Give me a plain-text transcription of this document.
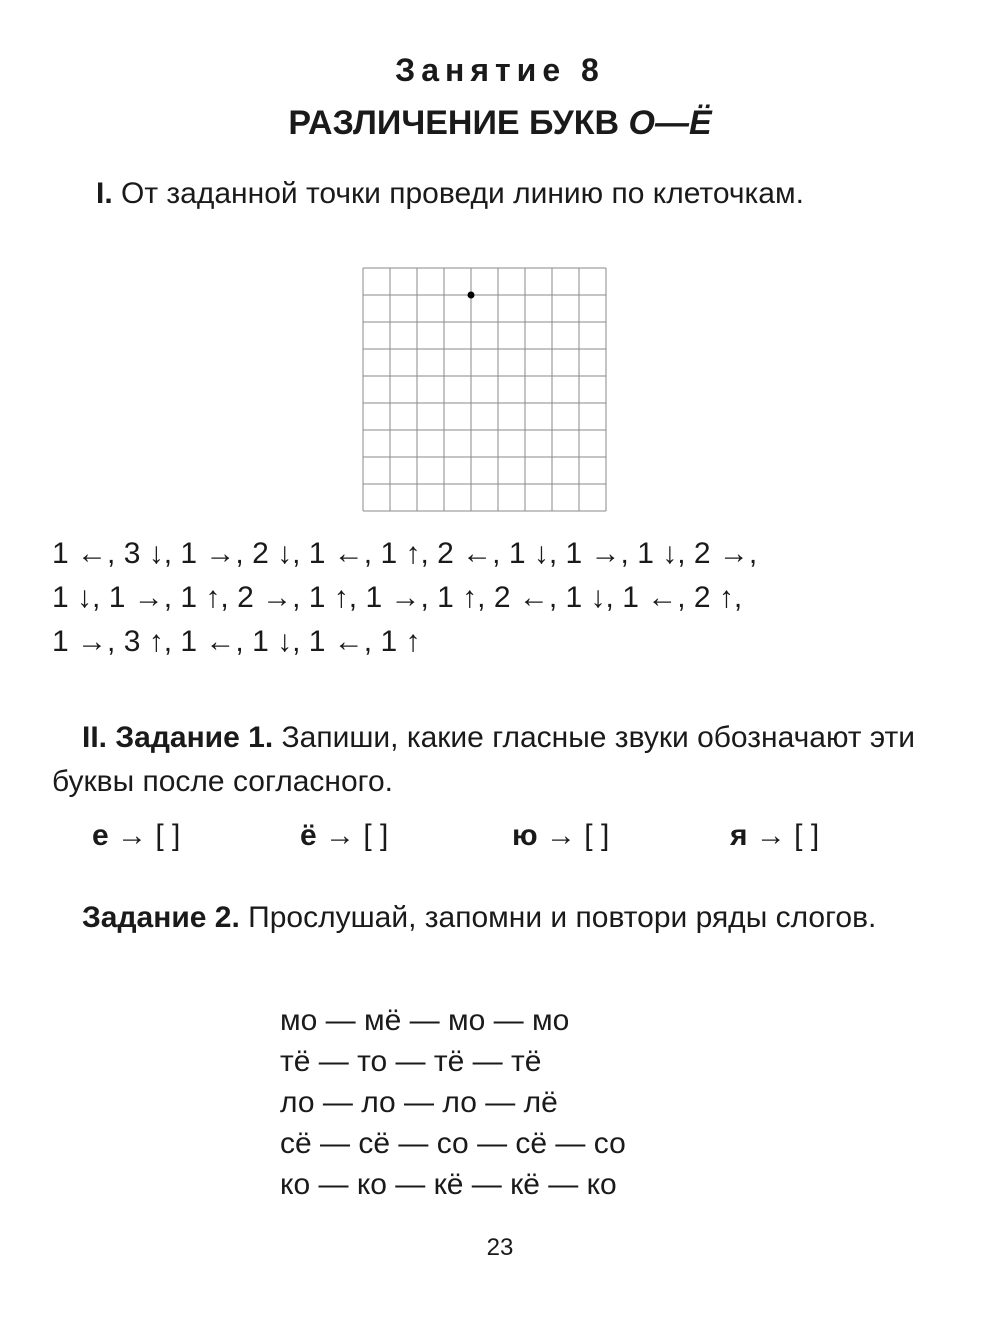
Занятие 8
РАЗЛИЧЕНИЕ БУКВ О—Ё
I. От заданной точки проведи линию по клеточкам.
1 ←, 3 ↓, 1 →, 2 ↓, 1 ←, 1 ↑, 2 ←, 1 ↓, 1 →, 1 ↓, 2 →,
1 ↓, 1 →, 1 ↑, 2 →, 1 ↑, 1 →, 1 ↑, 2 ←, 1 ↓, 1 ←, 2 ↑,
1 →, 3 ↑, 1 ←, 1 ↓, 1 ←, 1 ↑
II. Задание 1. Запиши, какие гласные звуки обозначают эти буквы после согласного.
е → [ ]	ё → [ ]	ю → [ ]	я → [ ]
Задание 2. Прослушай, запомни и повтори ряды слогов.
мо — мё — мо — мо
тё — то — тё — тё
ло — ло — ло — лё
сё — сё — со — сё — со
ко — ко — кё — кё — ко
23
